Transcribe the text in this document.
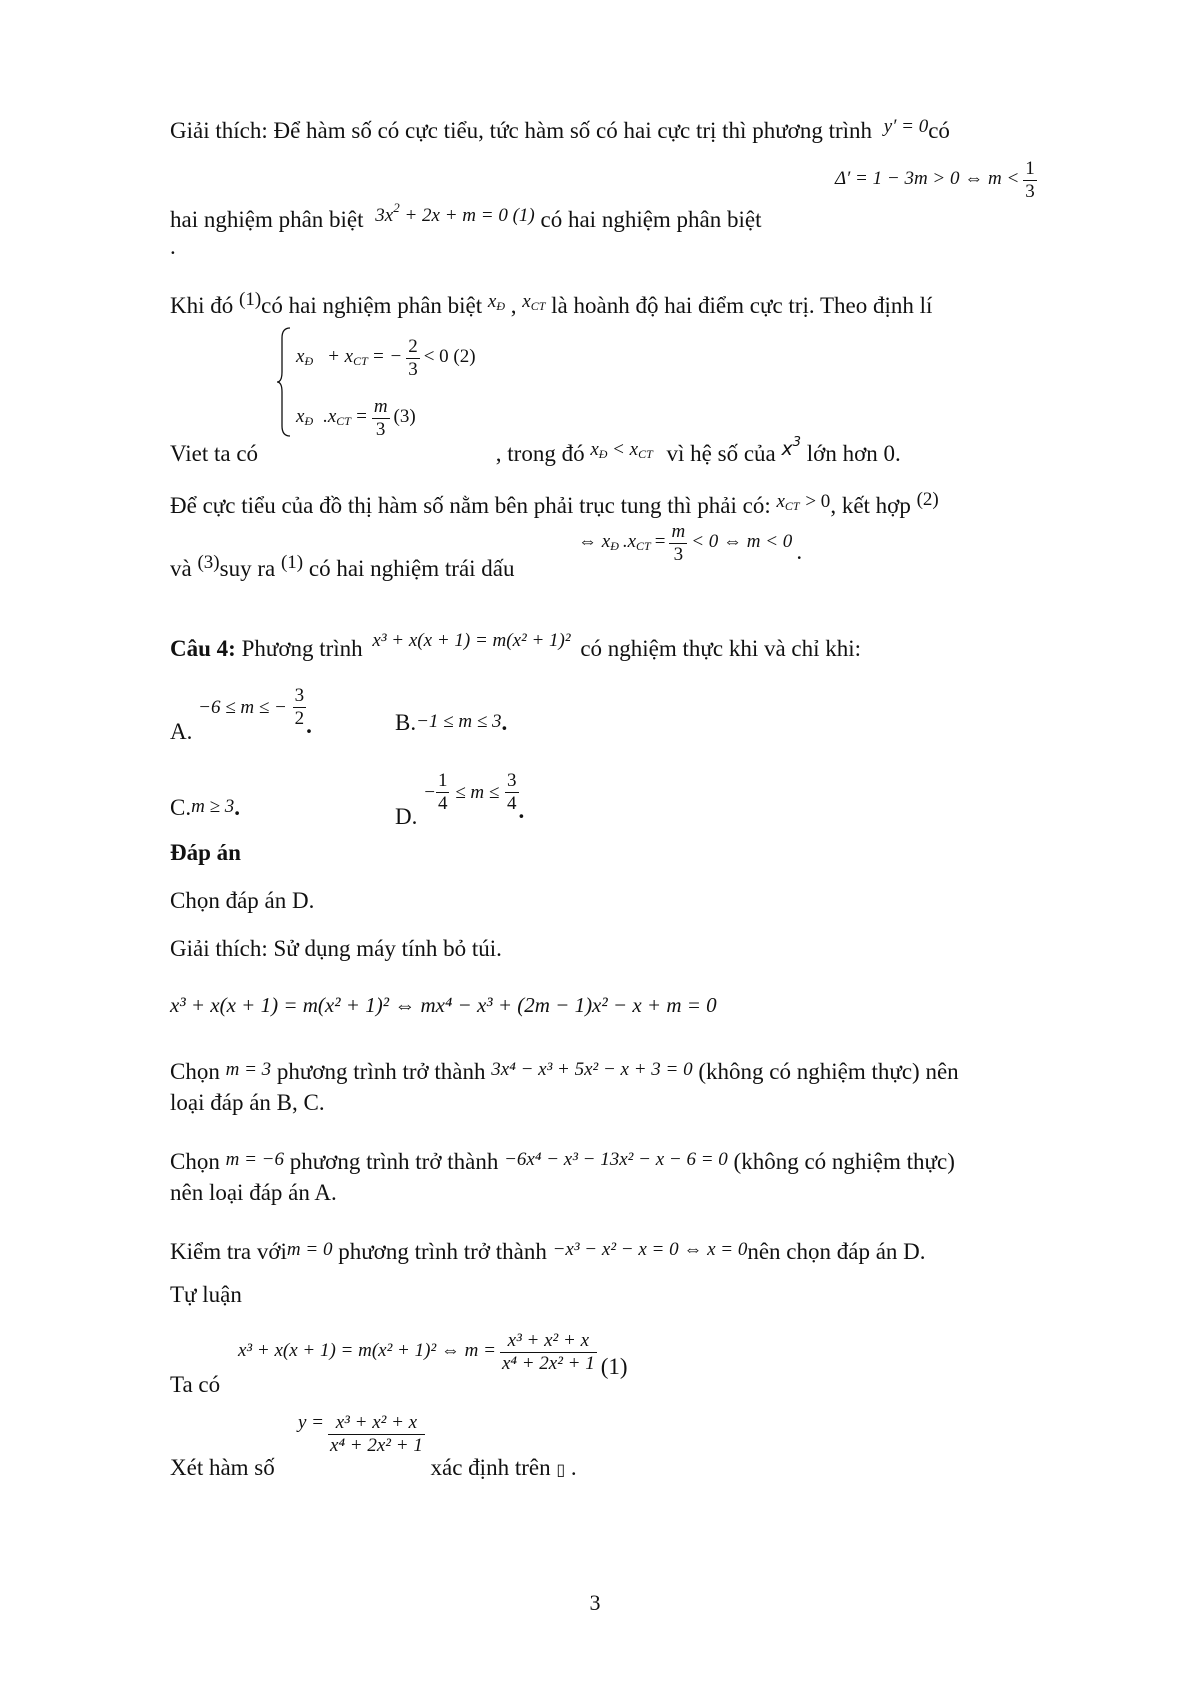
Giải thích: Để hàm số có cực tiểu, tức hàm số có hai cực trị thì phương trình $^{y' = 0}$có
hai nghiệm phân biệt $^{3x^2 + 2x + m = 0 (1)}$ có hai nghiệm phân biệt
Δ′ = 1 − 3m > 0 ⇔ $m < \frac{1}{3}$
.
Khi đó $^{(1)}$có hai nghiệm phân biệt $^{x_Đ}$ , $^{x_{CT}}$ là hoành độ hai điểm cực trị. Theo định lí
$x_Đ + x_{CT}$ = − $\frac{2}{3} < 0$ (2)
$x_Đ$ $.x_{CT} = \frac{m}{3} (3)$
Viet ta có	, trong đó $^{x_Đ}$ < $^{x_{CT}}$ vì hệ số của $^{x^3}$ lớn hơn 0.
Để cực tiểu của đồ thị hàm số nằm bên phải trục tung thì phải có: $^{x_{CT}}$ $^{> 0}$, kết hợp $^{(2)}$
và $^{(3)}$suy ra $^{(1)}$ có hai nghiệm trái dấu
⇔ $x_Đ$ $.x_{CT} = \frac{m}{3} < 0$ ⇔ m < 0 .
Câu 4: Phương trình $^{x^3 + x(x + 1) = m(x^2 + 1)^2}$ có nghiệm thực khi và chỉ khi:
A. $_{-6 \le m \le -} \frac{3}{2}$ .	B.−1 ≤ m ≤ 3.
C.m ≥ 3.	D. $_- \frac{1}{4} _{\le m \le} \frac{3}{4}$ .
Đáp án
Chọn đáp án D.
Giải thích: Sử dụng máy tính bỏ túi.
x³ + x(x + 1) = m(x² + 1)² ⇔ mx⁴ − x³ + (2m − 1)x² − x + m = 0
Chọn m = 3 phương trình trở thành 3x⁴ − x³ + 5x² − x + 3 = 0 (không có nghiệm thực) nên
loại đáp án B, C.
Chọn m = −6 phương trình trở thành −6x⁴ − x³ − 13x² − x − 6 = 0 (không có nghiệm thực)
nên loại đáp án A.
Kiểm tra vớim = 0 phương trình trở thành −x³ − x² − x = 0 ⇔ x = 0nên chọn đáp án D.
Tự luận
Ta có
x³ + x(x + 1) = m(x² + 1)² ⇔ $m = \frac{\text{x³ + x² + x}}{\text{x⁴ + 2x² + 1}} (1)$
Xét hàm số	xác định trên ▯ .
$y = \frac{\text{x³ + x² + x}}{\text{x⁴ + 2x² + 1}}$
3
